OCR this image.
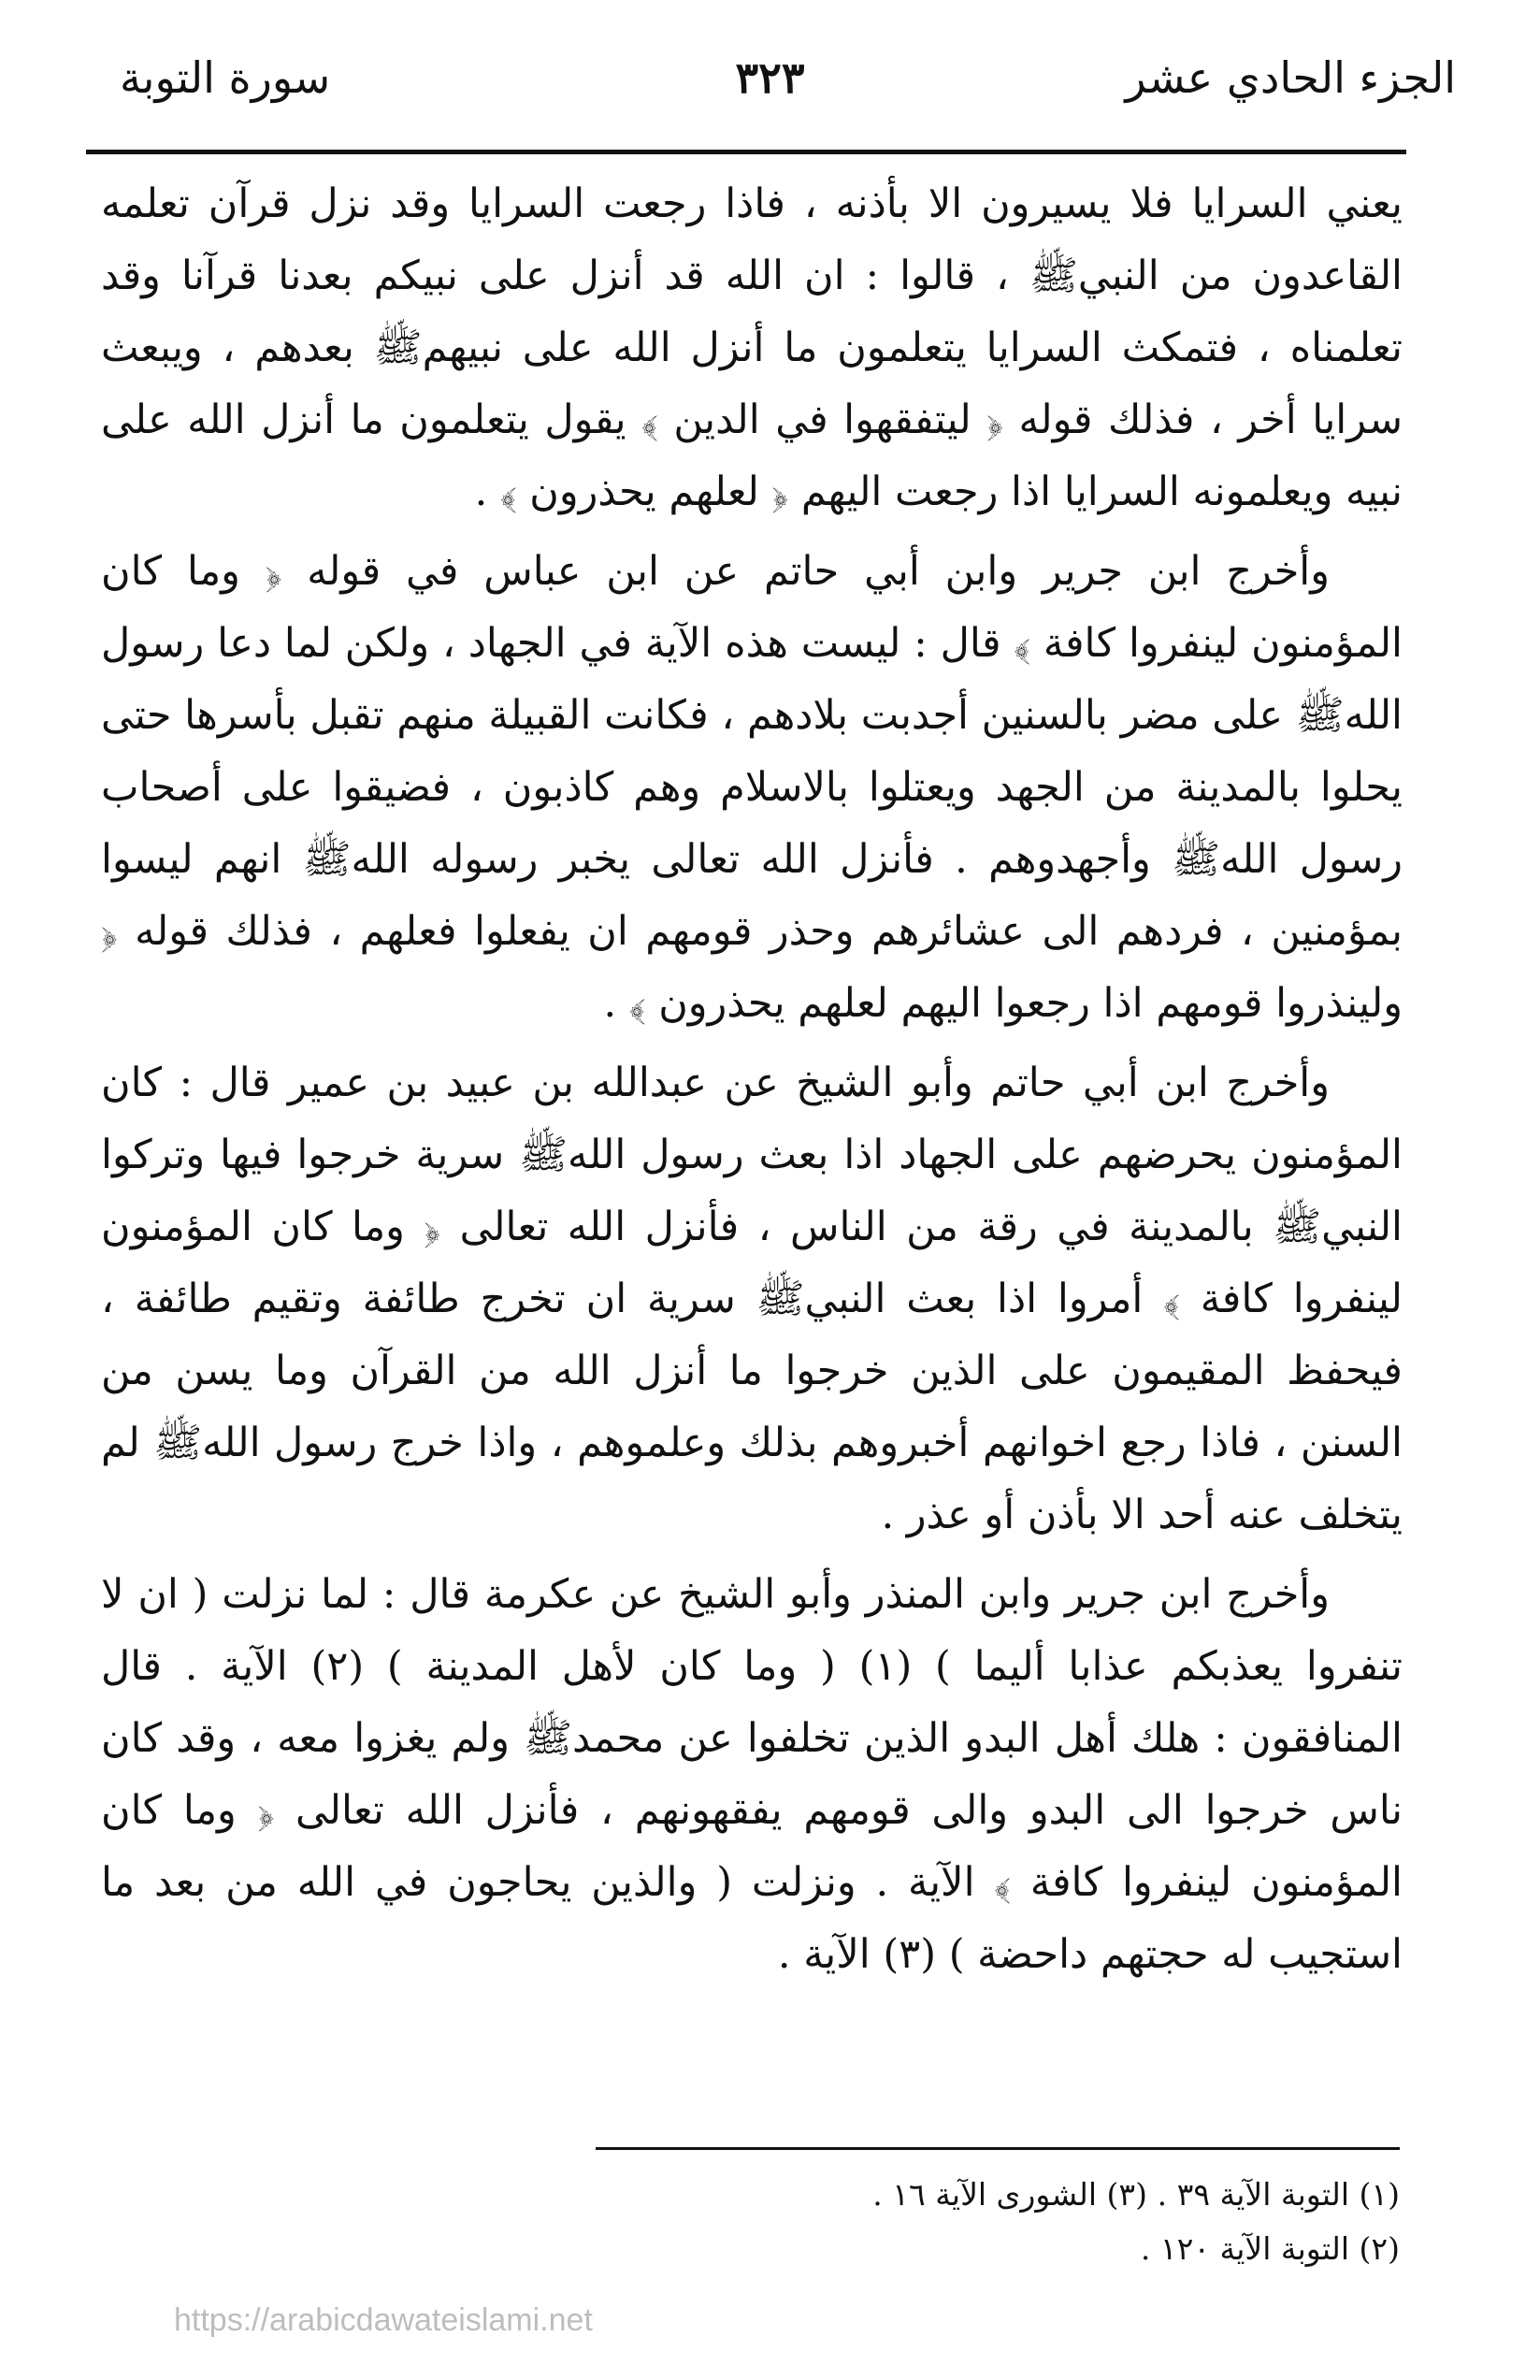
الجزء الحادي عشر
٣٢٣
سورة التوبة

يعني السرايا فلا يسيرون الا بأذنه ، فاذا رجعت السرايا وقد نزل قرآن تعلمه القاعدون من النبيﷺ ، قالوا : ان الله قد أنزل على نبيكم بعدنا قرآنا وقد تعلمناه ، فتمكث السرايا يتعلمون ما أنزل الله على نبيهمﷺ بعدهم ، ويبعث سرايا أخر ، فذلك قوله ﴿ ليتفقهوا في الدين ﴾ يقول يتعلمون ما أنزل الله على نبيه ويعلمونه السرايا اذا رجعت اليهم ﴿ لعلهم يحذرون ﴾ .

وأخرج ابن جرير وابن أبي حاتم عن ابن عباس في قوله ﴿ وما كان المؤمنون لينفروا كافة ﴾ قال : ليست هذه الآية في الجهاد ، ولكن لما دعا رسول اللهﷺ على مضر بالسنين أجدبت بلادهم ، فكانت القبيلة منهم تقبل بأسرها حتى يحلوا بالمدينة من الجهد ويعتلوا بالاسلام وهم كاذبون ، فضيقوا على أصحاب رسول اللهﷺ وأجهدوهم . فأنزل الله تعالى يخبر رسوله اللهﷺ انهم ليسوا بمؤمنين ، فردهم الى عشائرهم وحذر قومهم ان يفعلوا فعلهم ، فذلك قوله ﴿ ولينذروا قومهم اذا رجعوا اليهم لعلهم يحذرون ﴾ .

وأخرج ابن أبي حاتم وأبو الشيخ عن عبدالله بن عبيد بن عمير قال : كان المؤمنون يحرضهم على الجهاد اذا بعث رسول اللهﷺ سرية خرجوا فيها وتركوا النبيﷺ بالمدينة في رقة من الناس ، فأنزل الله تعالى ﴿ وما كان المؤمنون لينفروا كافة ﴾ أمروا اذا بعث النبيﷺ سرية ان تخرج طائفة وتقيم طائفة ، فيحفظ المقيمون على الذين خرجوا ما أنزل الله من القرآن وما يسن من السنن ، فاذا رجع اخوانهم أخبروهم بذلك وعلموهم ، واذا خرج رسول اللهﷺ لم يتخلف عنه أحد الا بأذن أو عذر .

وأخرج ابن جرير وابن المنذر وأبو الشيخ عن عكرمة قال : لما نزلت ( ان لا تنفروا يعذبكم عذابا أليما ) (١) ( وما كان لأهل المدينة ) (٢) الآية . قال المنافقون : هلك أهل البدو الذين تخلفوا عن محمدﷺ ولم يغزوا معه ، وقد كان ناس خرجوا الى البدو والى قومهم يفقهونهم ، فأنزل الله تعالى ﴿ وما كان المؤمنون لينفروا كافة ﴾ الآية . ونزلت ( والذين يحاجون في الله من بعد ما استجيب له حجتهم داحضة ) (٣) الآية .

(١) التوبة الآية ٣٩ .
(٣) الشورى الآية ١٦ .
(٢) التوبة الآية ١٢٠ .
https://arabicdawateislami.net
